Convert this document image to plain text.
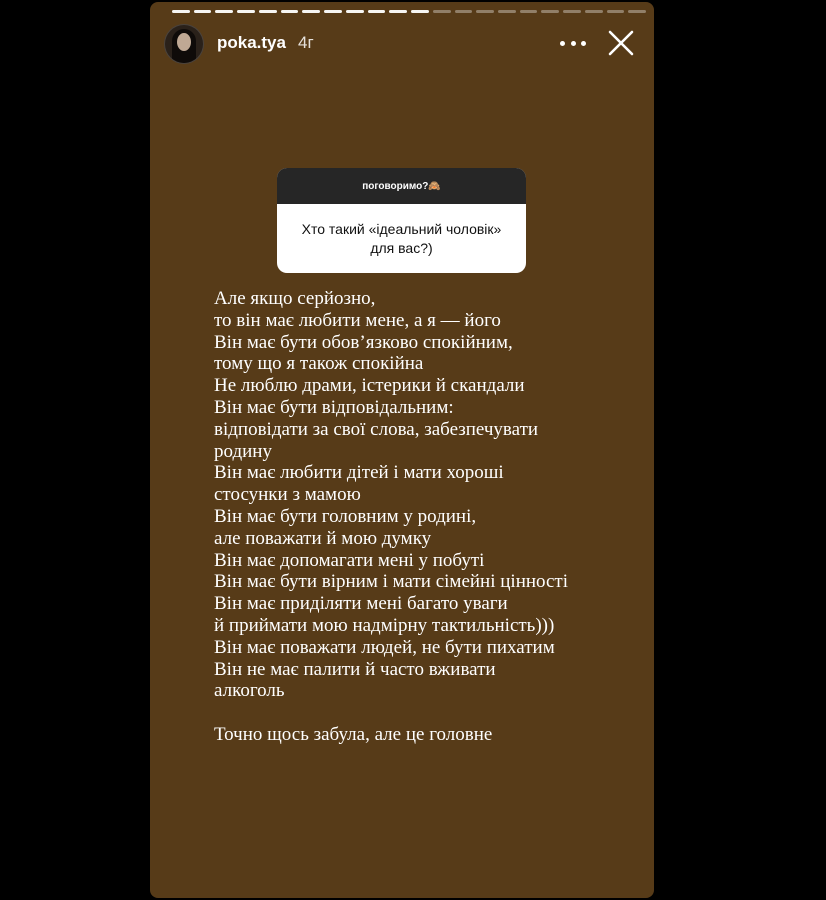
poka.tya 4г
поговоримо?🙈
Хто такий «ідеальний чоловік» для вас?)
Але якщо серйозно,
то він має любити мене, а я — його
Він має бути обов’язково спокійним,
тому що я також спокійна
Не люблю драми, істерики й скандали
Він має бути відповідальним:
відповідати за свої слова, забезпечувати
родину
Він має любити дітей і мати хороші
стосунки з мамою
Він має бути головним у родині,
але поважати й мою думку
Він має допомагати мені у побуті
Він має бути вірним і мати сімейні цінності
Він має приділяти мені багато уваги
й приймати мою надмірну тактильність)))
Він має поважати людей, не бути пихатим
Він не має палити й часто вживати
алкоголь
Точно щось забула, але це головне
